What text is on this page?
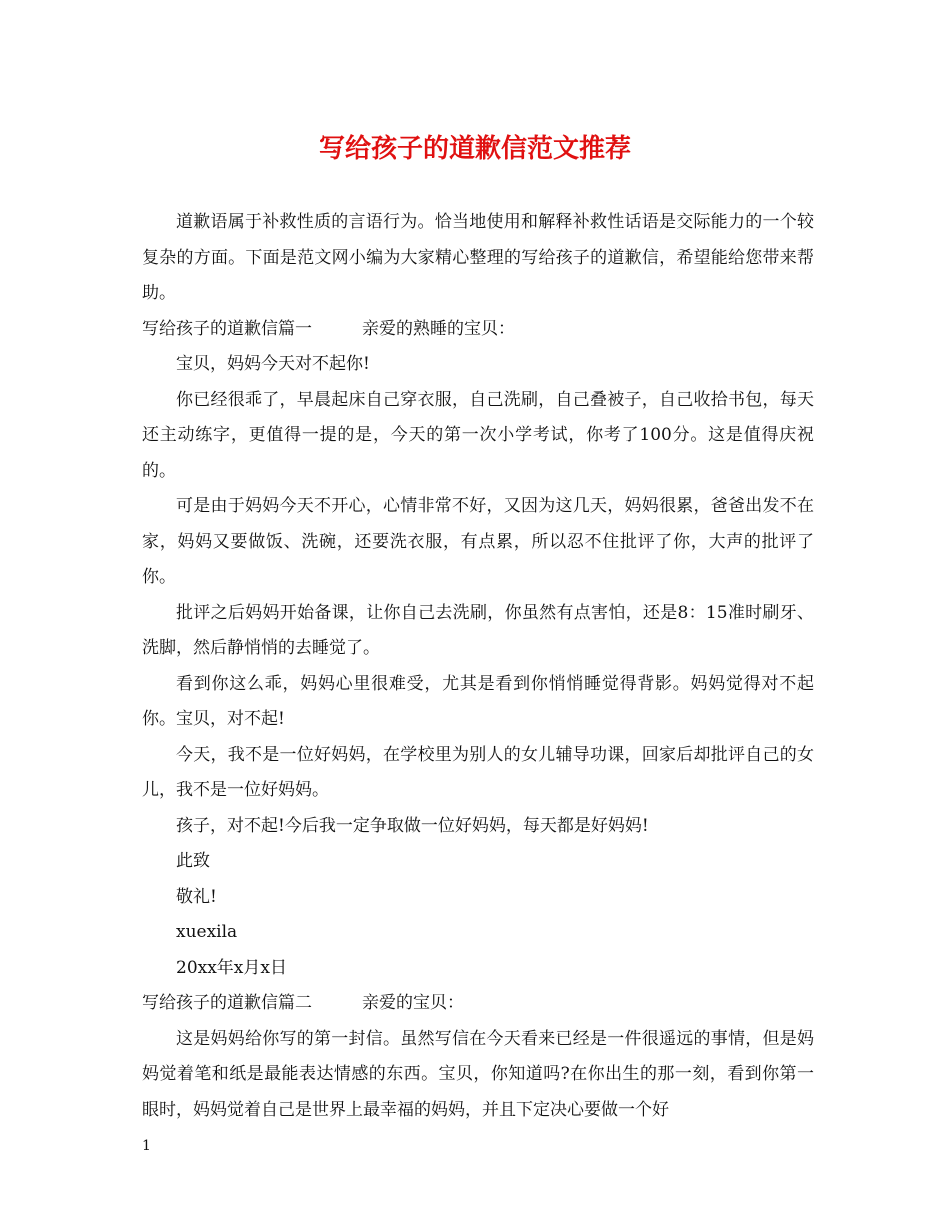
写给孩子的道歉信范文推荐

道歉语属于补救性质的言语行为。恰当地使用和解释补救性话语是交际能力的一个较复杂的方面。下面是范文网小编为大家精心整理的写给孩子的道歉信，希望能给您带来帮助。

写给孩子的道歉信篇一	亲爱的熟睡的宝贝：

宝贝，妈妈今天对不起你!

你已经很乖了，早晨起床自己穿衣服，自己洗刷，自己叠被子，自己收拾书包，每天还主动练字，更值得一提的是，今天的第一次小学考试，你考了100分。这是值得庆祝的。

可是由于妈妈今天不开心，心情非常不好，又因为这几天，妈妈很累，爸爸出发不在家，妈妈又要做饭、洗碗，还要洗衣服，有点累，所以忍不住批评了你，大声的批评了你。

批评之后妈妈开始备课，让你自己去洗刷，你虽然有点害怕，还是8：15准时刷牙、洗脚，然后静悄悄的去睡觉了。

看到你这么乖，妈妈心里很难受，尤其是看到你悄悄睡觉得背影。妈妈觉得对不起你。宝贝，对不起!

今天，我不是一位好妈妈，在学校里为别人的女儿辅导功课，回家后却批评自己的女儿，我不是一位好妈妈。

孩子，对不起!今后我一定争取做一位好妈妈，每天都是好妈妈!

此致

敬礼!

xuexila

20xx年x月x日

写给孩子的道歉信篇二	亲爱的宝贝：

这是妈妈给你写的第一封信。虽然写信在今天看来已经是一件很遥远的事情，但是妈妈觉着笔和纸是最能表达情感的东西。宝贝，你知道吗?在你出生的那一刻，看到你第一眼时，妈妈觉着自己是世界上最幸福的妈妈，并且下定决心要做一个好

1
